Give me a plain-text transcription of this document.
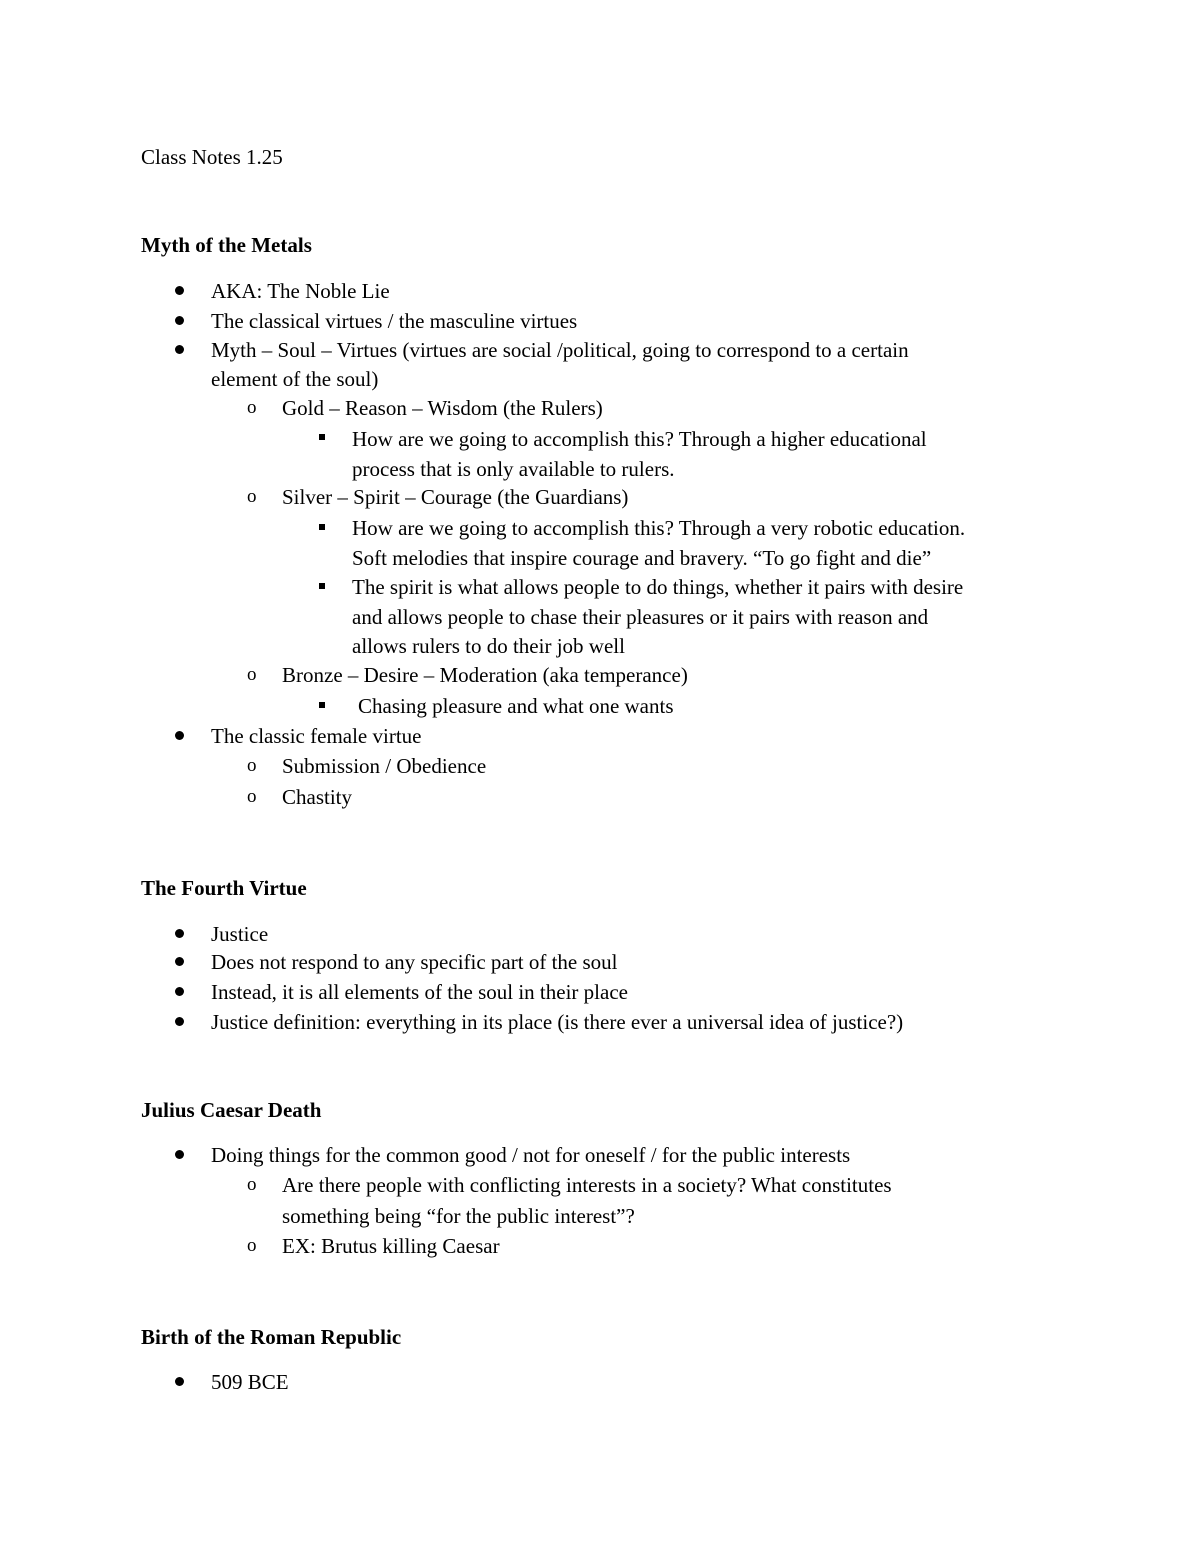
Class Notes 1.25
Myth of the Metals
AKA: The Noble Lie
The classical virtues / the masculine virtues
Myth – Soul – Virtues (virtues are social /political, going to correspond to a certain
element of the soul)
o Gold – Reason – Wisdom (the Rulers)
How are we going to accomplish this? Through a higher educational
process that is only available to rulers.
o Silver – Spirit – Courage (the Guardians)
How are we going to accomplish this? Through a very robotic education.
Soft melodies that inspire courage and bravery. “To go fight and die”
The spirit is what allows people to do things, whether it pairs with desire
and allows people to chase their pleasures or it pairs with reason and
allows rulers to do their job well
o Bronze – Desire – Moderation (aka temperance)
Chasing pleasure and what one wants
The classic female virtue
o Submission / Obedience
o Chastity
The Fourth Virtue
Justice
Does not respond to any specific part of the soul
Instead, it is all elements of the soul in their place
Justice definition: everything in its place (is there ever a universal idea of justice?)
Julius Caesar Death
Doing things for the common good / not for oneself / for the public interests
o Are there people with conflicting interests in a society? What constitutes
something being “for the public interest”?
o EX: Brutus killing Caesar
Birth of the Roman Republic
509 BCE
